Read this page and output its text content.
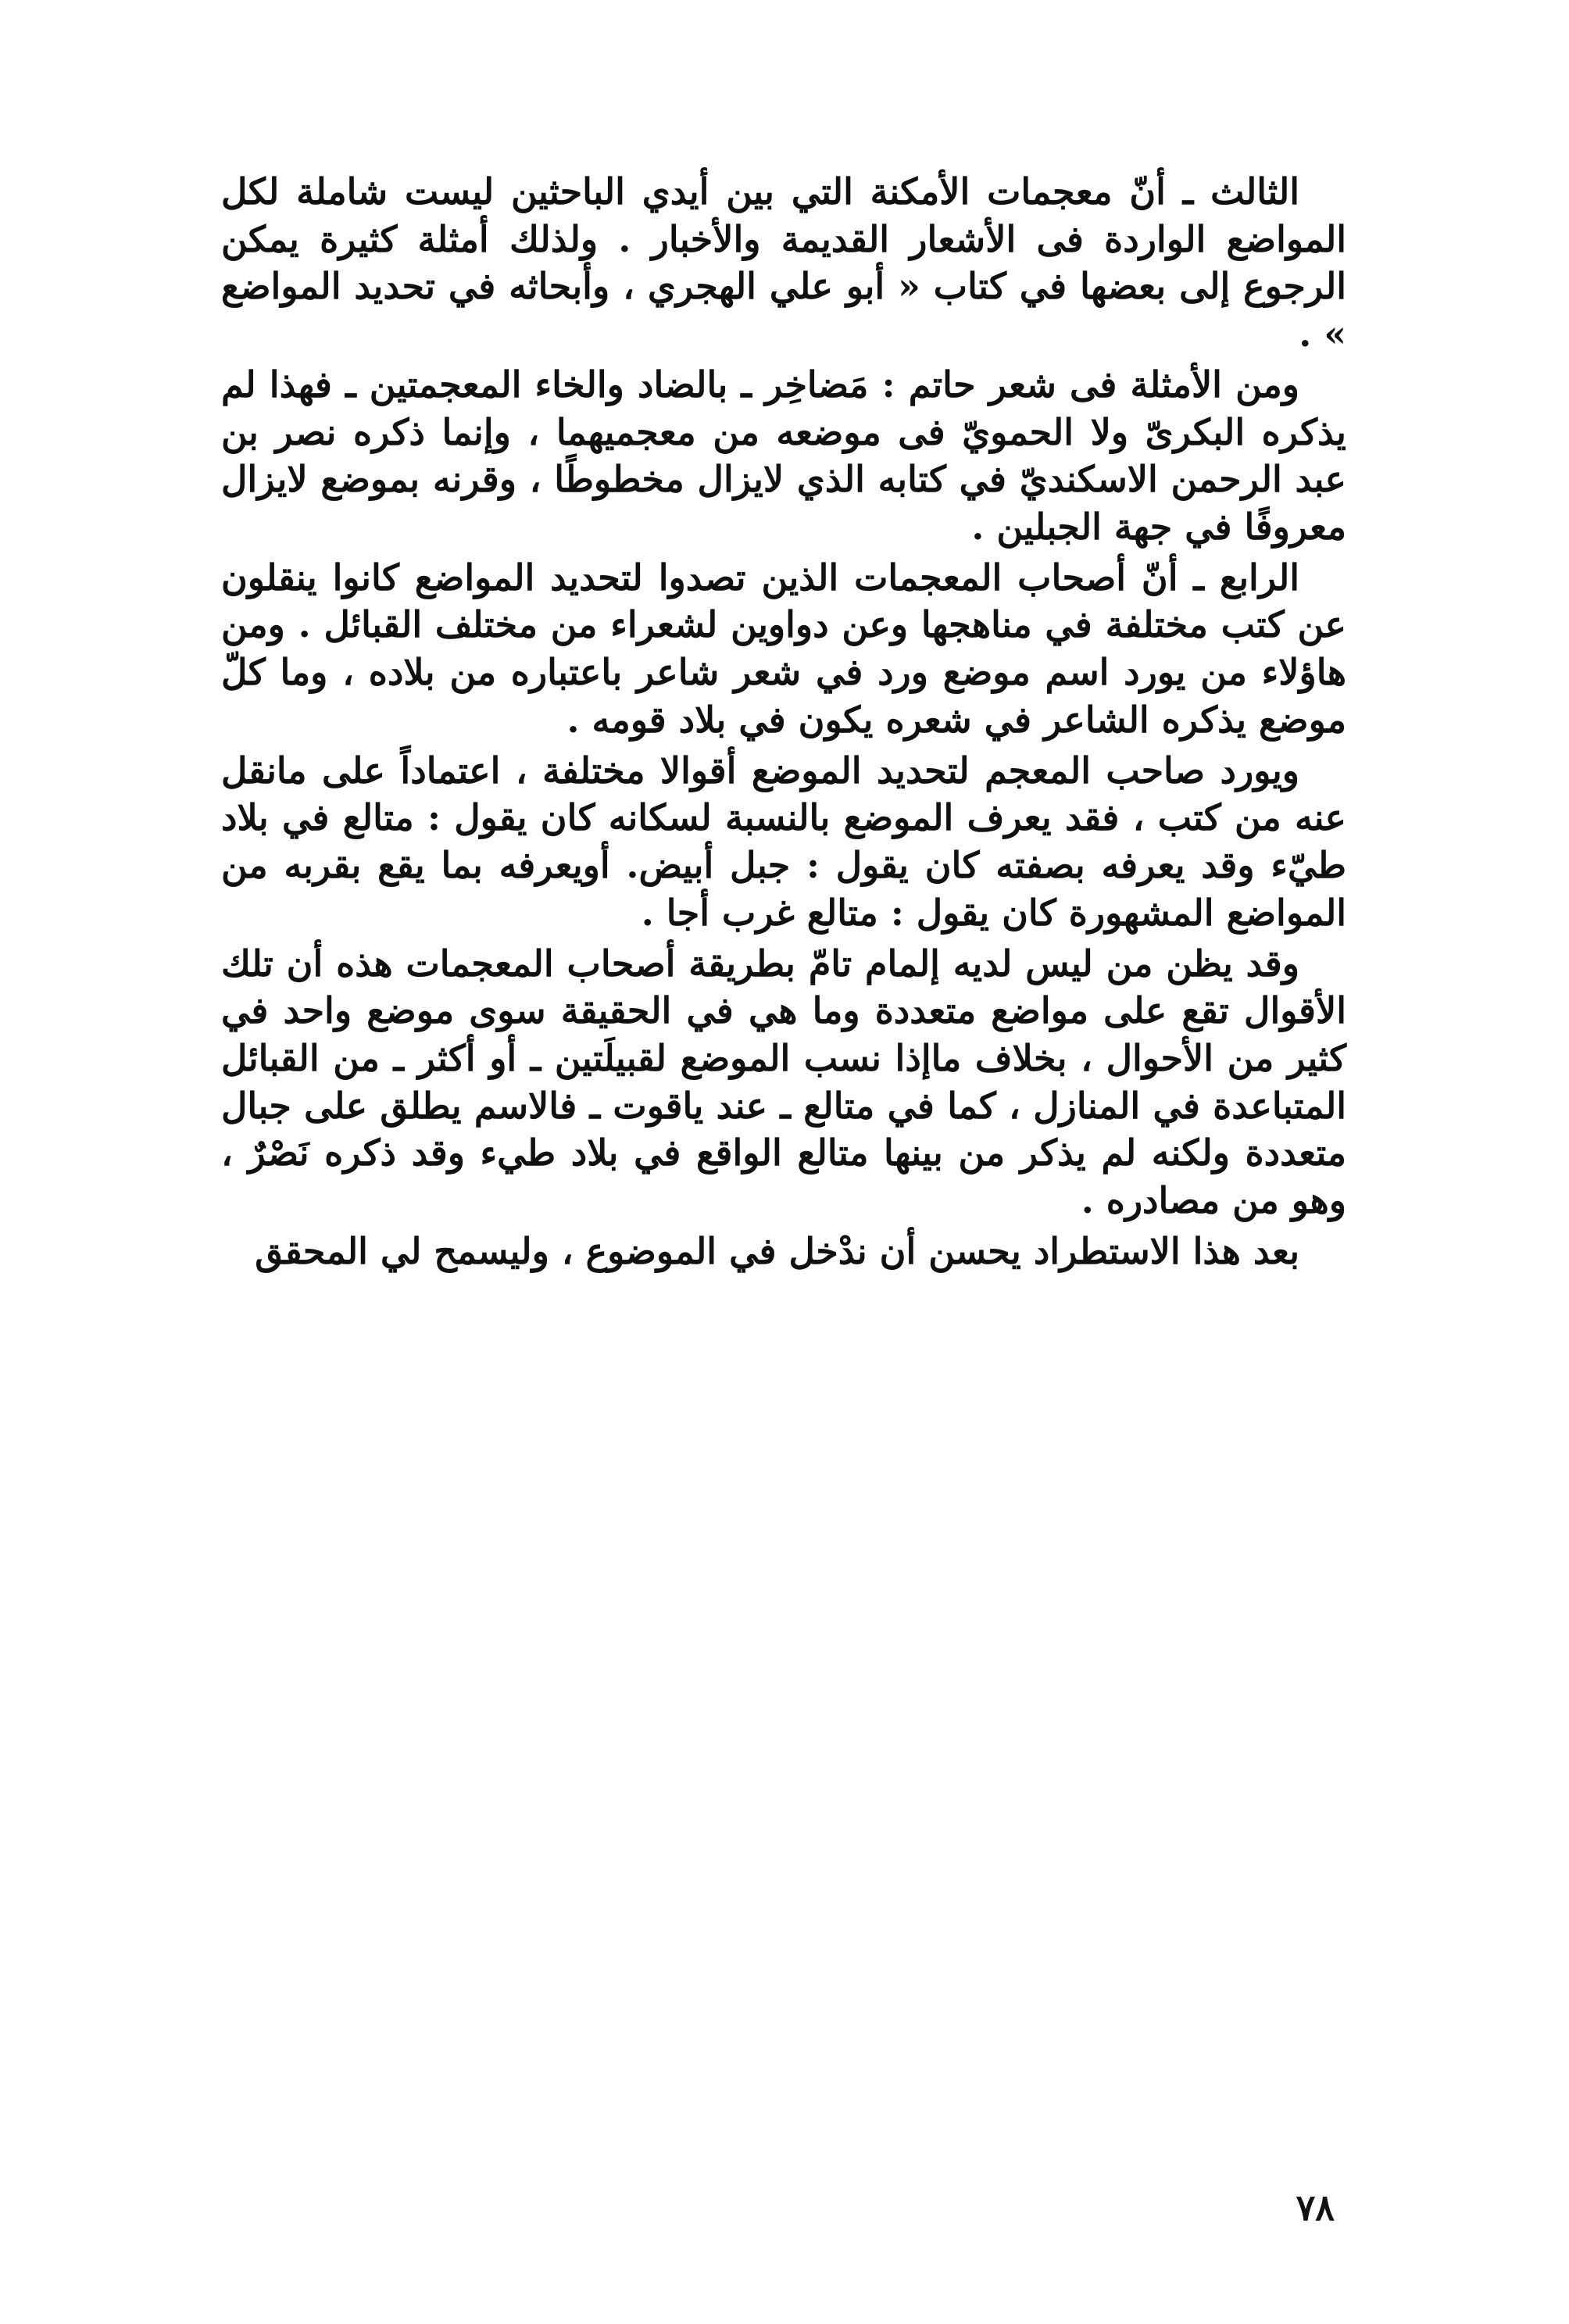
الثالث ـ أنّ معجمات الأمكنة التي بين أيدي الباحثين ليست شاملة لكل المواضع الواردة فى الأشعار القديمة والأخبار . ولذلك أمثلة كثيرة يمكن الرجوع إلى بعضها في كتاب « أبو علي الهجري ، وأبحاثه في تحديد المواضع » .

ومن الأمثلة فى شعر حاتم : مَضاخِر ـ بالضاد والخاء المعجمتين ـ فهذا لم يذكره البكرىّ ولا الحمويّ فى موضعه من معجميهما ، وإنما ذكره نصر بن عبد الرحمن الاسكنديّ في كتابه الذي لايزال مخطوطًا ، وقرنه بموضع لايزال معروفًا في جهة الجبلين .

الرابع ـ أنّ أصحاب المعجمات الذين تصدوا لتحديد المواضع كانوا ينقلون عن كتب مختلفة في مناهجها وعن دواوين لشعراء من مختلف القبائل . ومن هاؤلاء من يورد اسم موضع ورد في شعر شاعر باعتباره من بلاده ، وما كلّ موضع يذكره الشاعر في شعره يكون في بلاد قومه .

ويورد صاحب المعجم لتحديد الموضع أقوالا مختلفة ، اعتماداً على مانقل عنه من كتب ، فقد يعرف الموضع بالنسبة لسكانه كان يقول : متالع في بلاد طيّء وقد يعرفه بصفته كان يقول : جبل أبيض. أويعرفه بما يقع بقربه من المواضع المشهورة كان يقول : متالع غرب أجا .

وقد يظن من ليس لديه إلمام تامّ بطريقة أصحاب المعجمات هذه أن تلك الأقوال تقع على مواضع متعددة وما هي في الحقيقة سوى موضع واحد في كثير من الأحوال ، بخلاف ماإذا نسب الموضع لقبيلَتين ـ أو أكثر ـ من القبائل المتباعدة في المنازل ، كما في متالع ـ عند ياقوت ـ فالاسم يطلق على جبال متعددة ولكنه لم يذكر من بينها متالع الواقع في بلاد طيء وقد ذكره نَصْرٌ ، وهو من مصادره .

بعد هذا الاستطراد يحسن أن ندْخل في الموضوع ، وليسمح لي المحقق

٧٨
